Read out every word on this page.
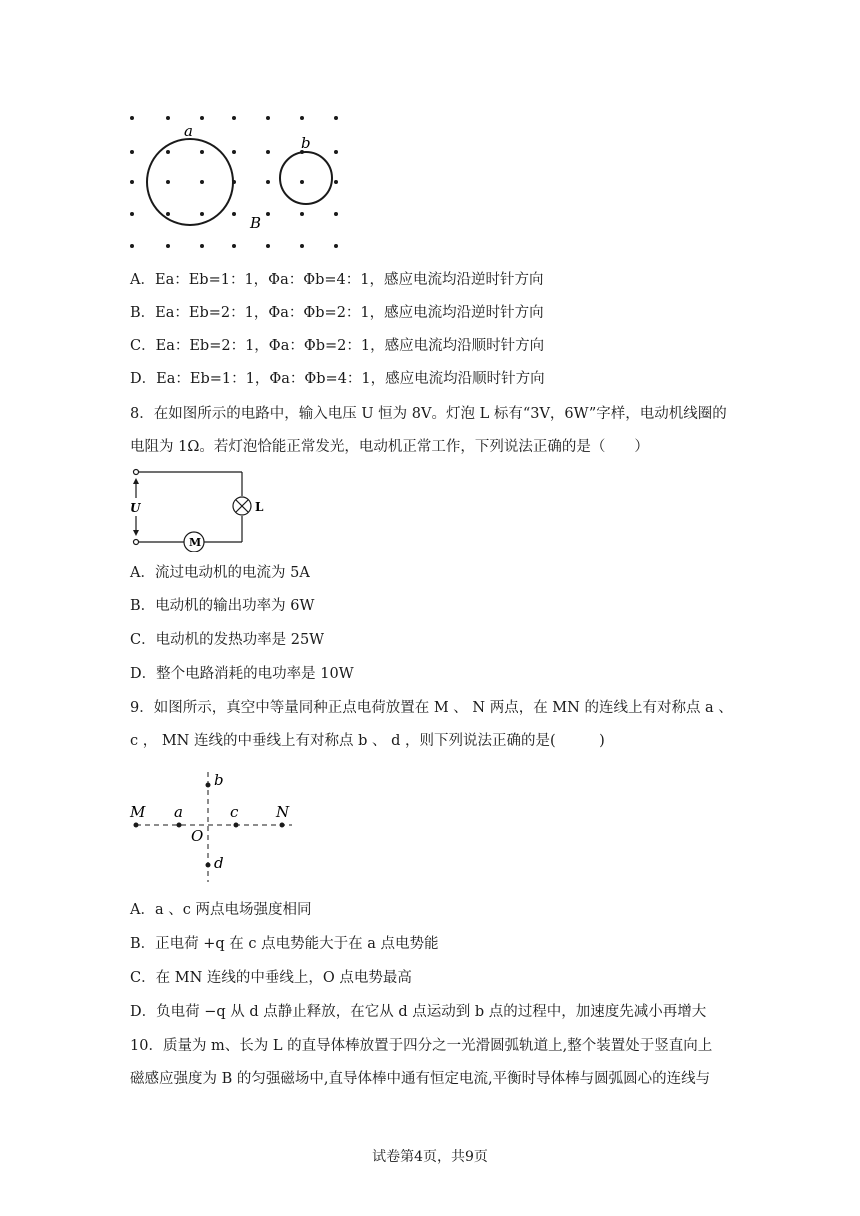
a
b
B
A．Ea：Eb=1：1，Φa：Φb=4：1，感应电流均沿逆时针方向
B．Ea：Eb=2：1，Φa：Φb=2：1，感应电流均沿逆时针方向
C．Ea：Eb=2：1，Φa：Φb=2：1，感应电流均沿顺时针方向
D．Ea：Eb=1：1，Φa：Φb=4：1，感应电流均沿顺时针方向
8．在如图所示的电路中，输入电压 U 恒为 8V。灯泡 L 标有“3V，6W”字样，电动机线圈的
电阻为 1Ω。若灯泡恰能正常发光，电动机正常工作，下列说法正确的是（　　）
U	L
M
A．流过电动机的电流为 5A
B．电动机的输出功率为 6W
C．电动机的发热功率是 25W
D．整个电路消耗的电功率是 10W
9．如图所示，真空中等量同种正点电荷放置在 M 、 N 两点，在 MN 的连线上有对称点 a 、
c ， MN 连线的中垂线上有对称点 b 、 d ，则下列说法正确的是(　　　)
M a
O
c	N
b
d
A．a 、c 两点电场强度相同
B．正电荷 +q 在 c 点电势能大于在 a 点电势能
C．在 MN 连线的中垂线上，O 点电势最高
D．负电荷 −q 从 d 点静止释放，在它从 d 点运动到 b 点的过程中，加速度先减小再增大
10．质量为 m、长为 L 的直导体棒放置于四分之一光滑圆弧轨道上,整个装置处于竖直向上
磁感应强度为 B 的匀强磁场中,直导体棒中通有恒定电流,平衡时导体棒与圆弧圆心的连线与
试卷第4页，共9页
